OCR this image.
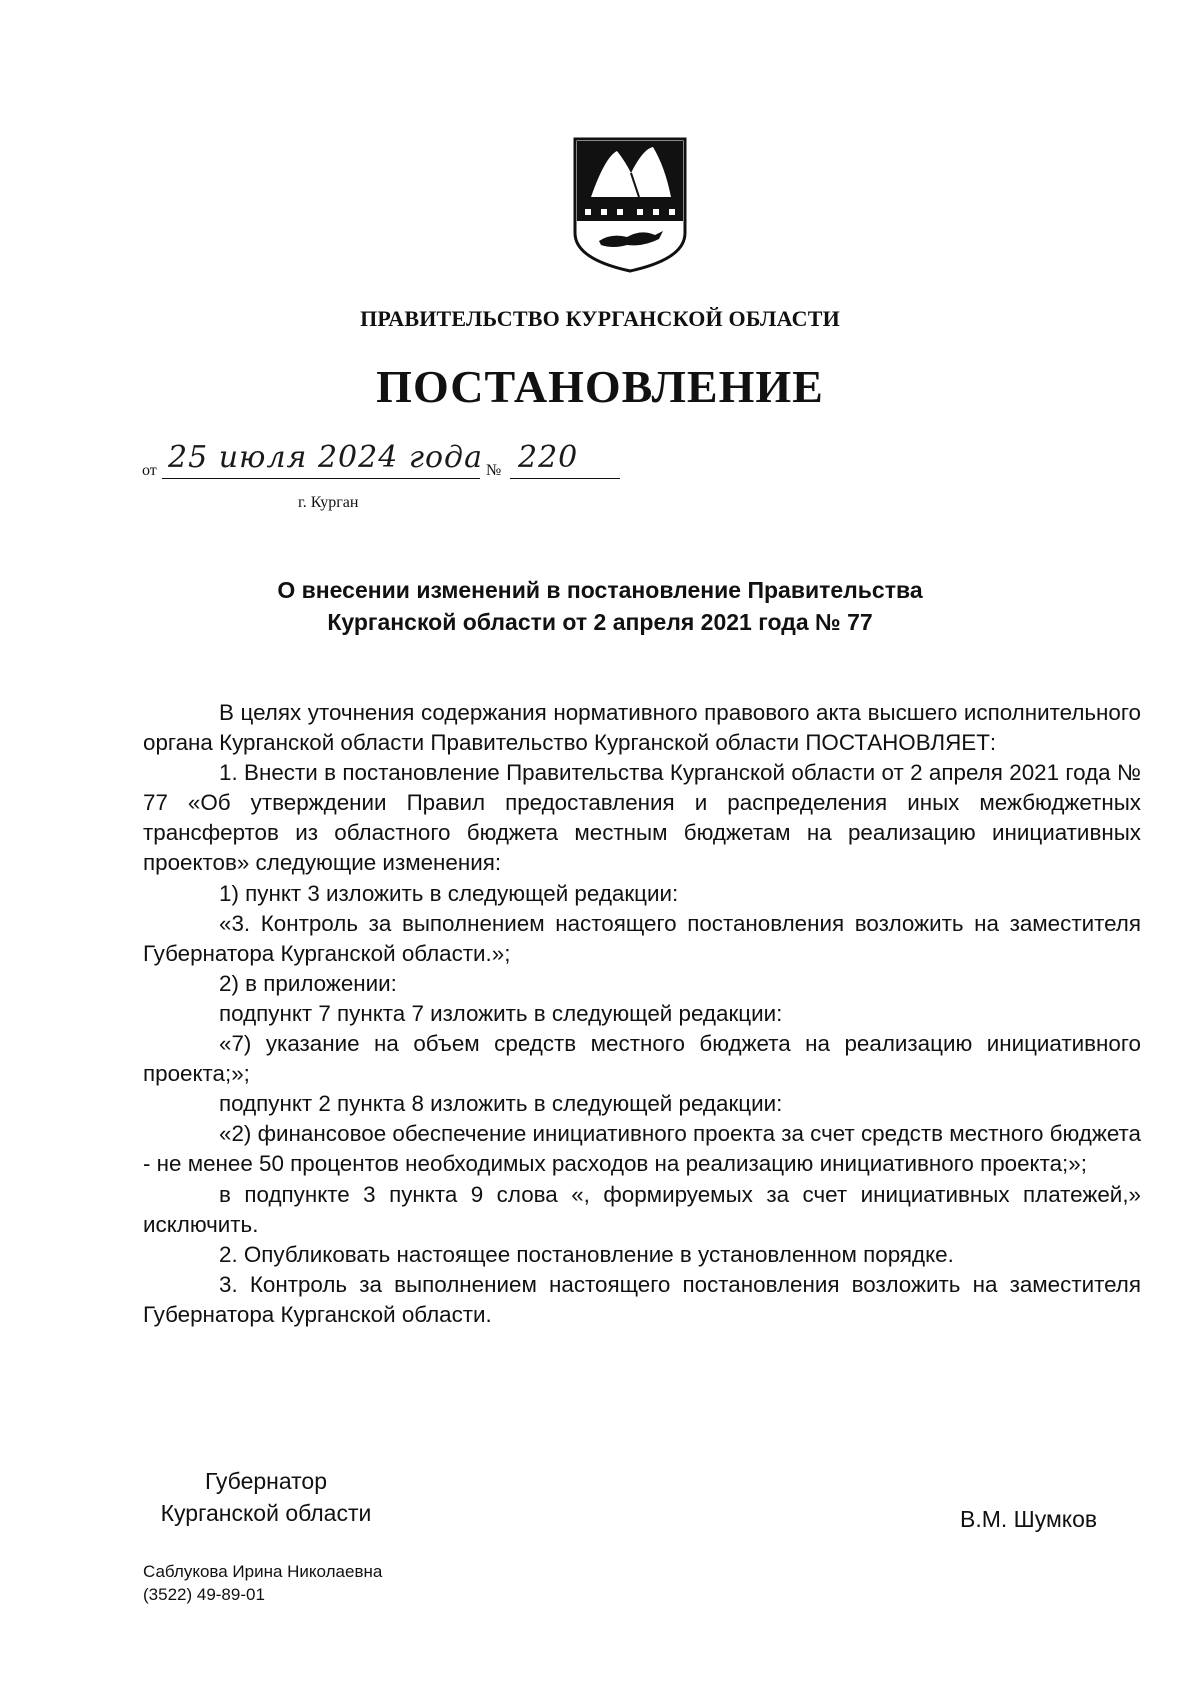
ПРАВИТЕЛЬСТВО КУРГАНСКОЙ ОБЛАСТИ
ПОСТАНОВЛЕНИЕ
от 25 июля 2024 года № 220
г. Курган
О внесении изменений в постановление Правительства
Курганской области от 2 апреля 2021 года № 77

В целях уточнения содержания нормативного правового акта высшего исполнительного органа Курганской области Правительство Курганской области ПОСТАНОВЛЯЕТ:

1. Внести в постановление Правительства Курганской области от 2 апреля 2021 года № 77 «Об утверждении Правил предоставления и распределения иных межбюджетных трансфертов из областного бюджета местным бюджетам на реализацию инициативных проектов» следующие изменения:

1) пункт 3 изложить в следующей редакции:

«3. Контроль за выполнением настоящего постановления возложить на заместителя Губернатора Курганской области.»;

2) в приложении:

подпункт 7 пункта 7 изложить в следующей редакции:

«7) указание на объем средств местного бюджета на реализацию инициативного проекта;»;

подпункт 2 пункта 8 изложить в следующей редакции:

«2) финансовое обеспечение инициативного проекта за счет средств местного бюджета - не менее 50 процентов необходимых расходов на реализацию инициативного проекта;»;

в подпункте 3 пункта 9 слова «, формируемых за счет инициативных платежей,» исключить.

2. Опубликовать настоящее постановление в установленном порядке.

3. Контроль за выполнением настоящего постановления возложить на заместителя Губернатора Курганской области.

Губернатор
Курганской области	В.М. Шумков
Саблукова Ирина Николаевна
(3522) 49-89-01
